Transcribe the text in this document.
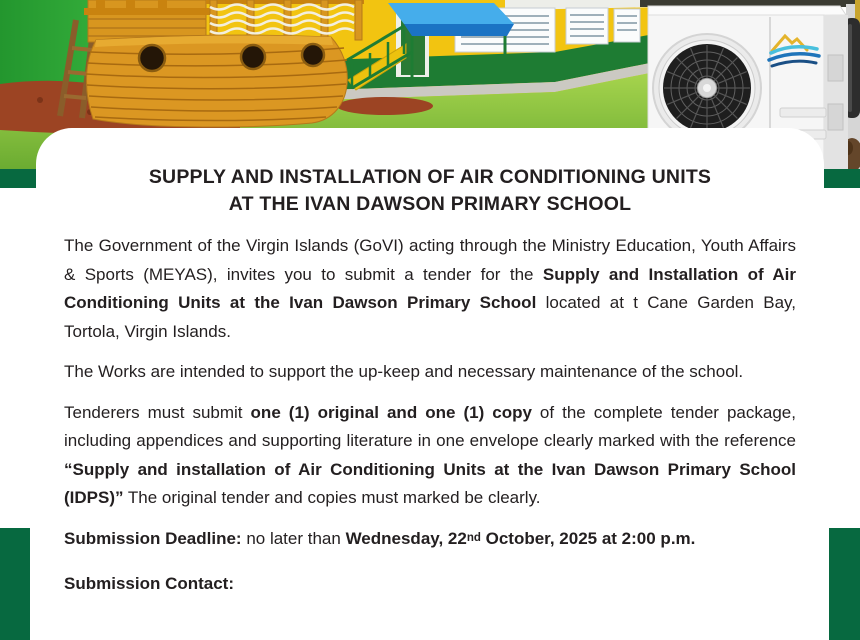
SUPPLY AND INSTALLATION OF AIR CONDITIONING UNITS
AT THE IVAN DAWSON PRIMARY SCHOOL

The Government of the Virgin Islands (GoVI) acting through the Ministry Education, Youth Affairs & Sports (MEYAS), invites you to submit a tender for the Supply and Installation of Air Conditioning Units at the Ivan Dawson Primary School located at t Cane Garden Bay, Tortola, Virgin Islands.

The Works are intended to support the up-keep and necessary maintenance of the school.

Tenderers must submit one (1) original and one (1) copy of the complete tender package, including appendices and supporting literature in one envelope clearly marked with the reference “Supply and installation of Air Conditioning Units at the Ivan Dawson Primary School (IDPS)” The original tender and copies must marked be clearly.

Submission Deadline: no later than Wednesday, 22nd October, 2025 at 2:00 p.m.

Submission Contact:
